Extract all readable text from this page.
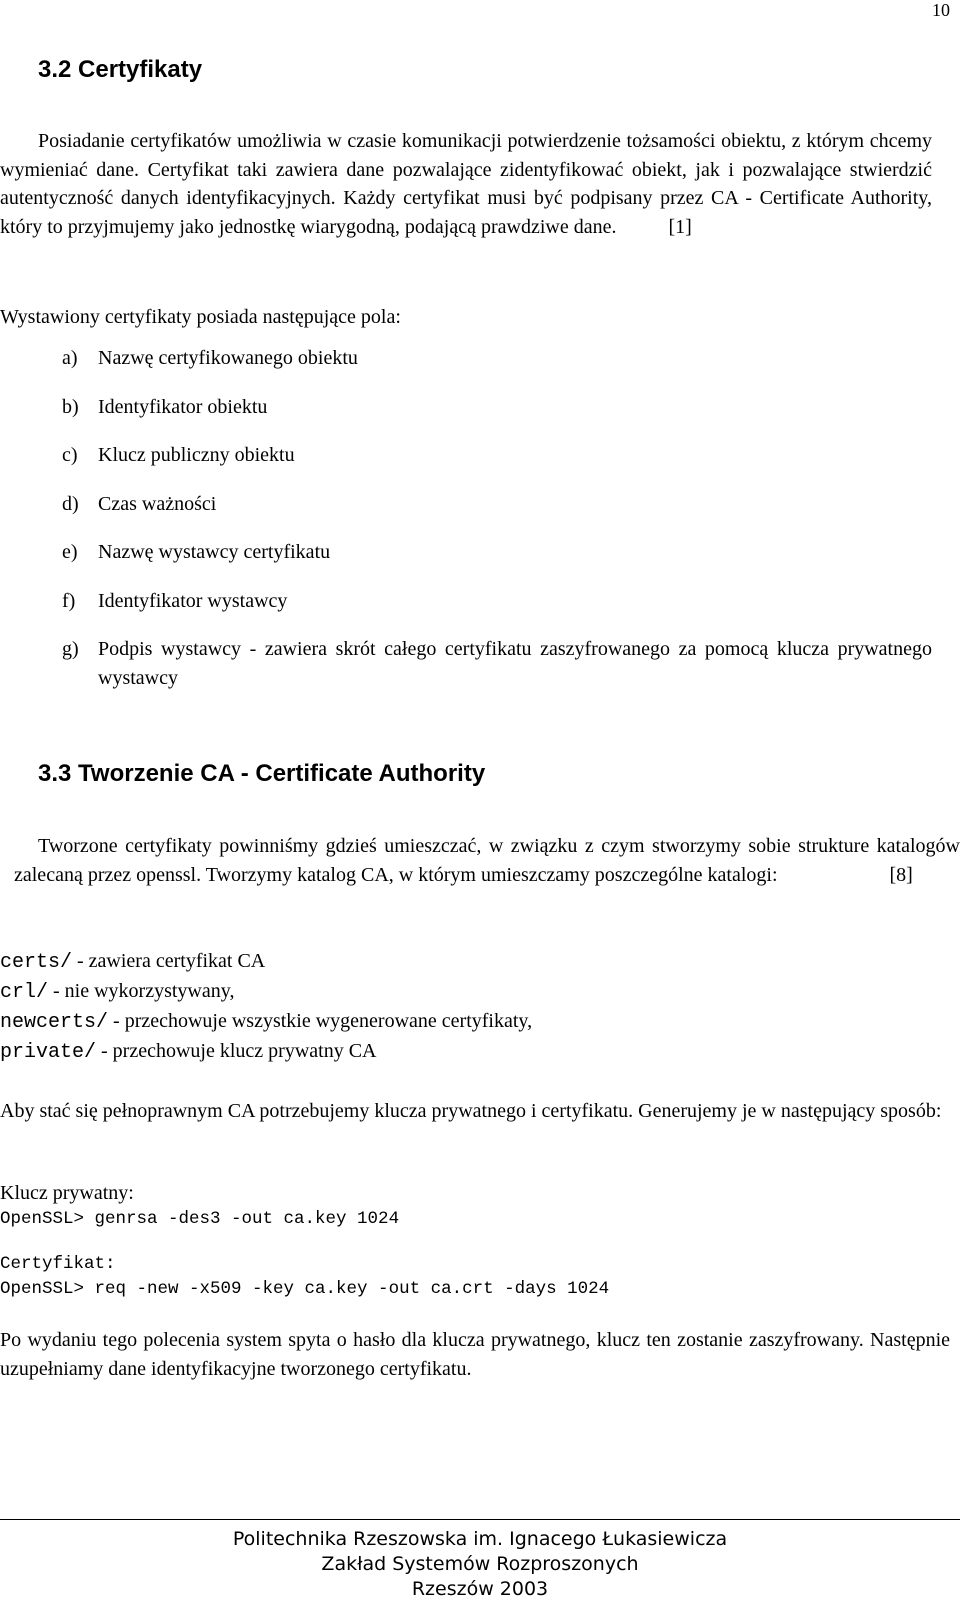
10
3.2 Certyfikaty
Posiadanie certyfikatów umożliwia w czasie komunikacji potwierdzenie tożsamości obiektu, z którym chcemy wymieniać dane. Certyfikat taki zawiera dane pozwalające zidentyfikować obiekt, jak i pozwalające stwierdzić autentyczność danych identyfikacyjnych. Każdy certyfikat musi być podpisany przez CA - Certificate Authority, który to przyjmujemy jako jednostkę wiarygodną, podającą prawdziwe dane.	[1]
Wystawiony certyfikaty posiada następujące pola:
a)	Nazwę certyfikowanego obiektu
b) Identyfikator obiektu
c)	Klucz publiczny obiektu
d) Czas ważności
e)	Nazwę wystawcy certyfikatu
f)	Identyfikator wystawcy
g) Podpis wystawcy - zawiera skrót całego certyfikatu zaszyfrowanego za pomocą klucza prywatnego wystawcy
3.3 Tworzenie CA - Certificate Authority
Tworzone certyfikaty powinniśmy gdzieś umieszczać, w związku z czym stworzymy sobie strukture katalogów zalecaną przez openssl. Tworzymy katalog CA, w którym umieszczamy poszczególne katalogi:	[8]
certs/ - zawiera certyfikat CA
crl/ - nie wykorzystywany,
newcerts/ - przechowuje wszystkie wygenerowane certyfikaty,
private/ - przechowuje klucz prywatny CA
Aby stać się pełnoprawnym CA potrzebujemy klucza prywatnego i certyfikatu. Generujemy je w następujący sposób:
Klucz prywatny:
OpenSSL> genrsa -des3 -out ca.key 1024
Certyfikat:
OpenSSL> req -new -x509 -key ca.key -out ca.crt -days 1024
Po wydaniu tego polecenia system spyta o hasło dla klucza prywatnego, klucz ten zostanie zaszyfrowany. Następnie uzupełniamy dane identyfikacyjne tworzonego certyfikatu.
Politechnika Rzeszowska im. Ignacego Łukasiewicza
Zakład Systemów Rozproszonych
Rzeszów 2003
